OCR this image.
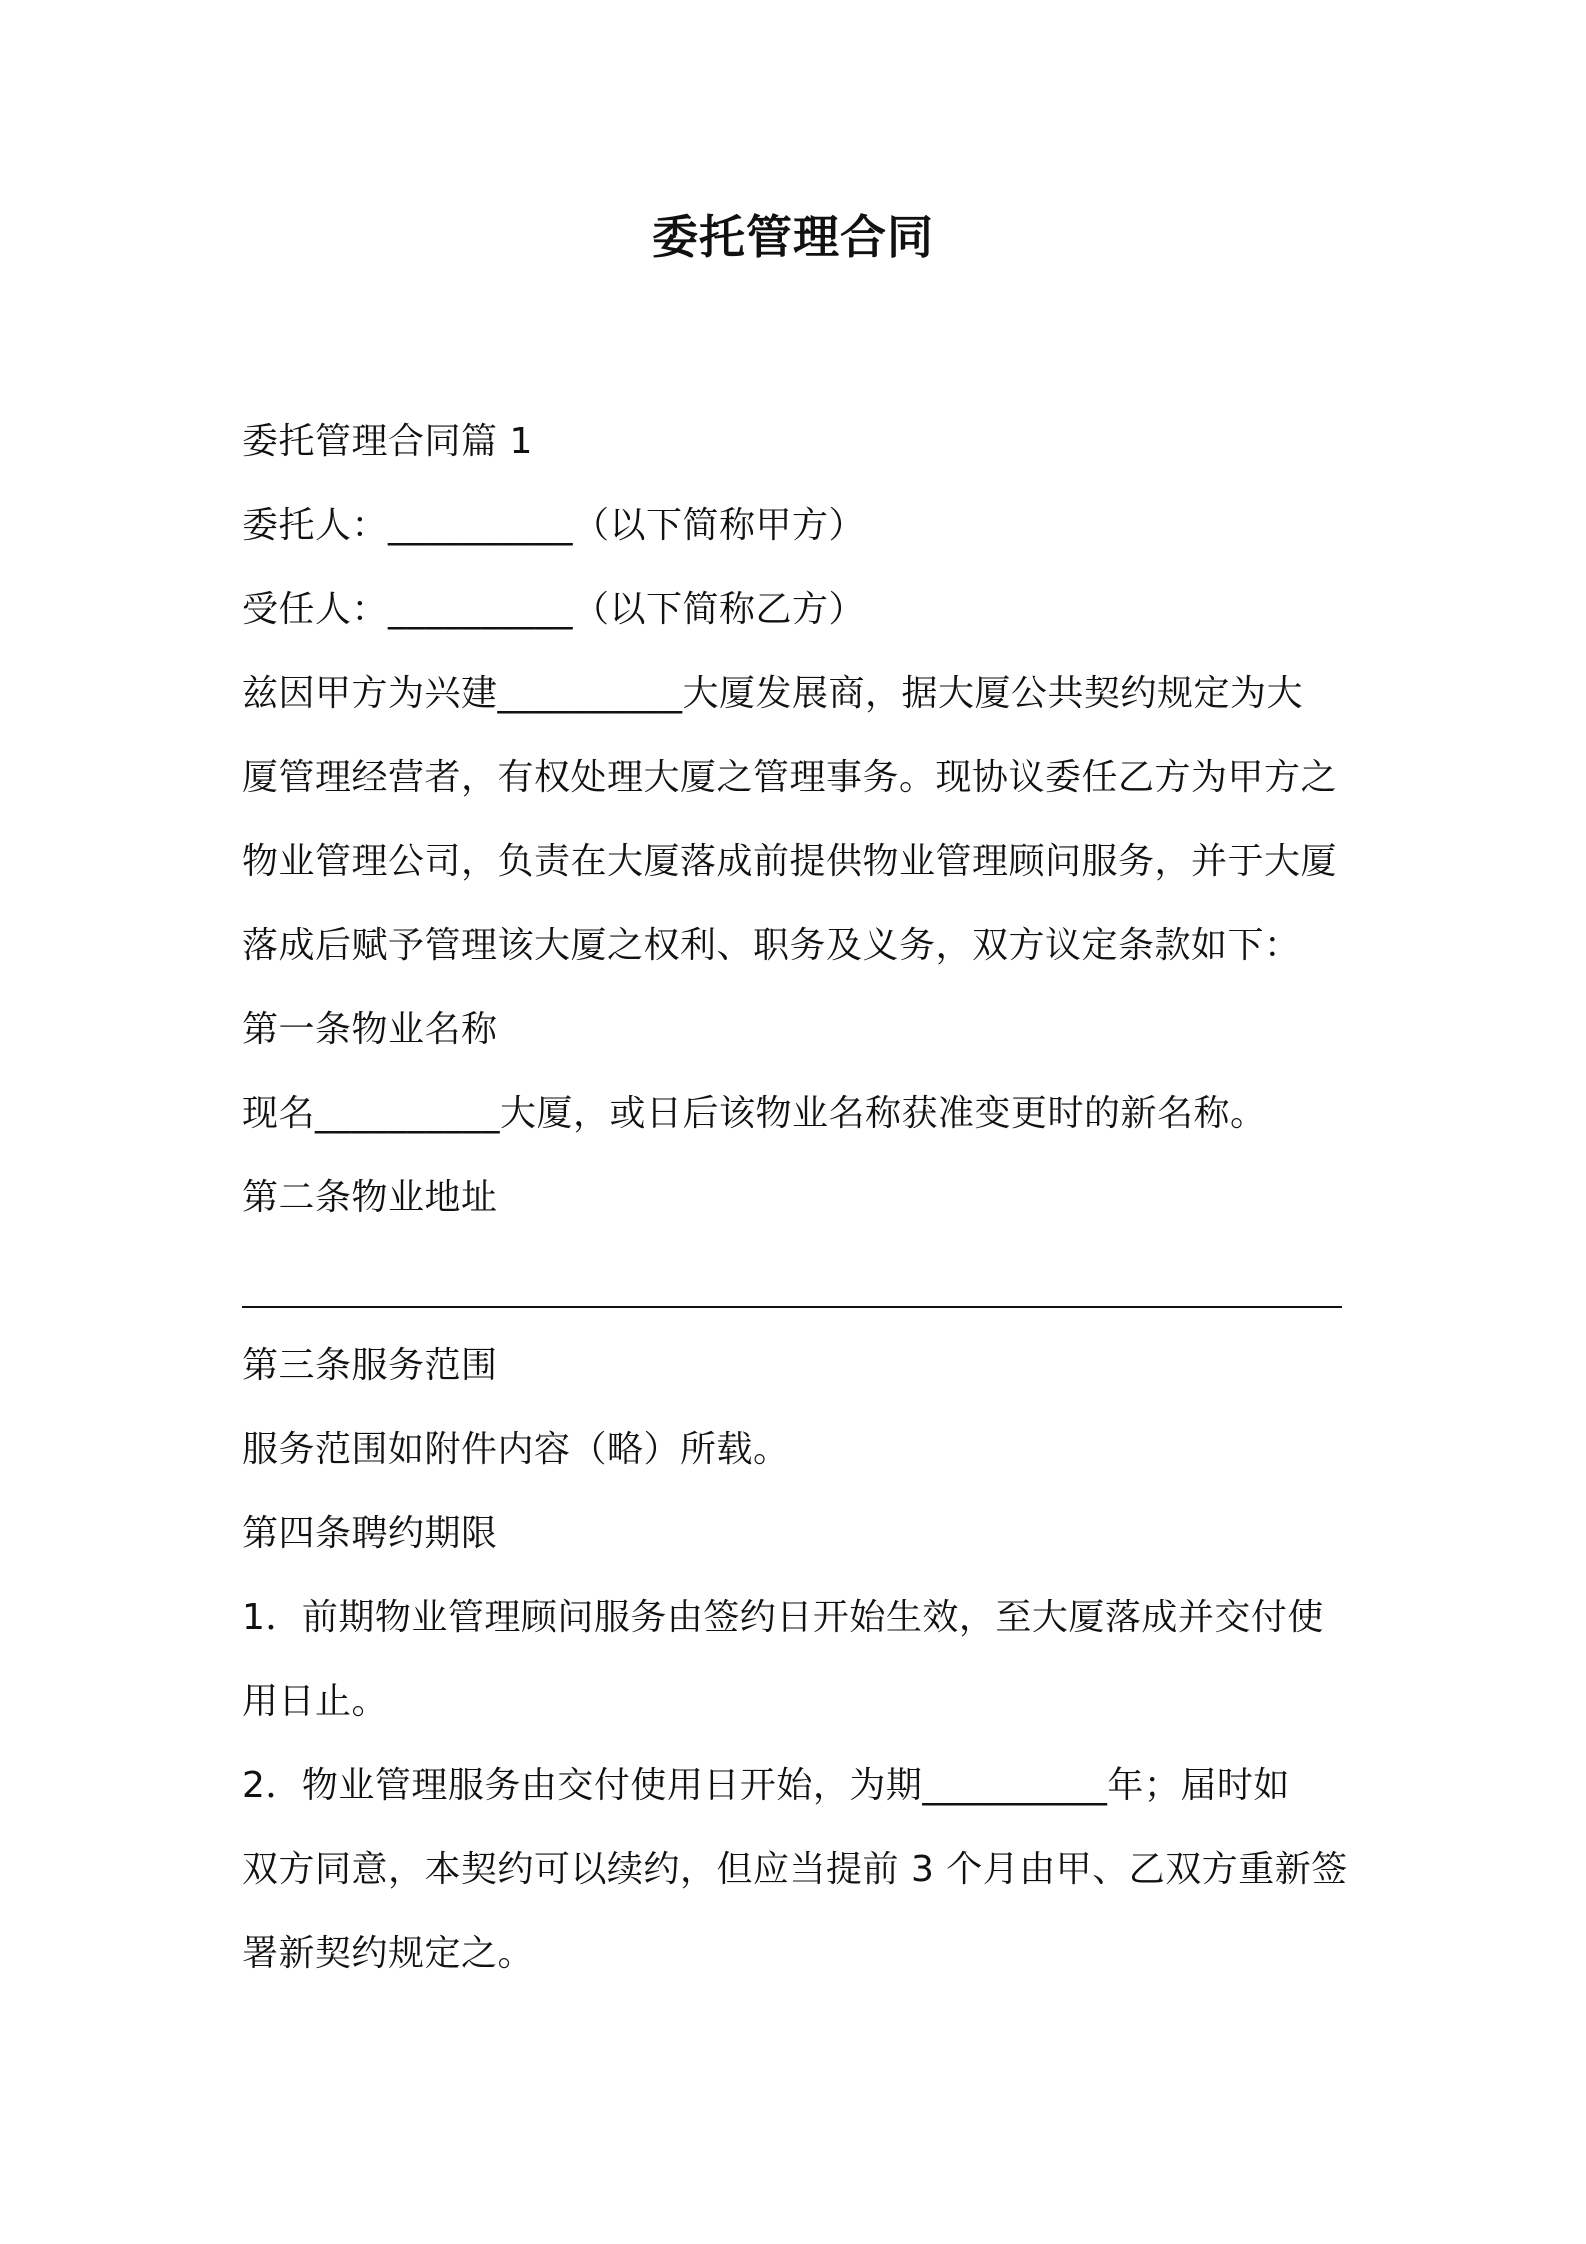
委托管理合同
委托管理合同篇 1
委托人：__________（以下简称甲方）
受任人：__________（以下简称乙方）
兹因甲方为兴建__________大厦发展商，据大厦公共契约规定为大
厦管理经营者，有权处理大厦之管理事务。现协议委任乙方为甲方之
物业管理公司，负责在大厦落成前提供物业管理顾问服务，并于大厦
落成后赋予管理该大厦之权利、职务及义务，双方议定条款如下：
第一条物业名称
现名__________大厦，或日后该物业名称获准变更时的新名称。
第二条物业地址
第三条服务范围
服务范围如附件内容（略）所载。
第四条聘约期限
1．前期物业管理顾问服务由签约日开始生效，至大厦落成并交付使
用日止。
2．物业管理服务由交付使用日开始，为期__________年；届时如
双方同意，本契约可以续约，但应当提前 3 个月由甲、乙双方重新签
署新契约规定之。
